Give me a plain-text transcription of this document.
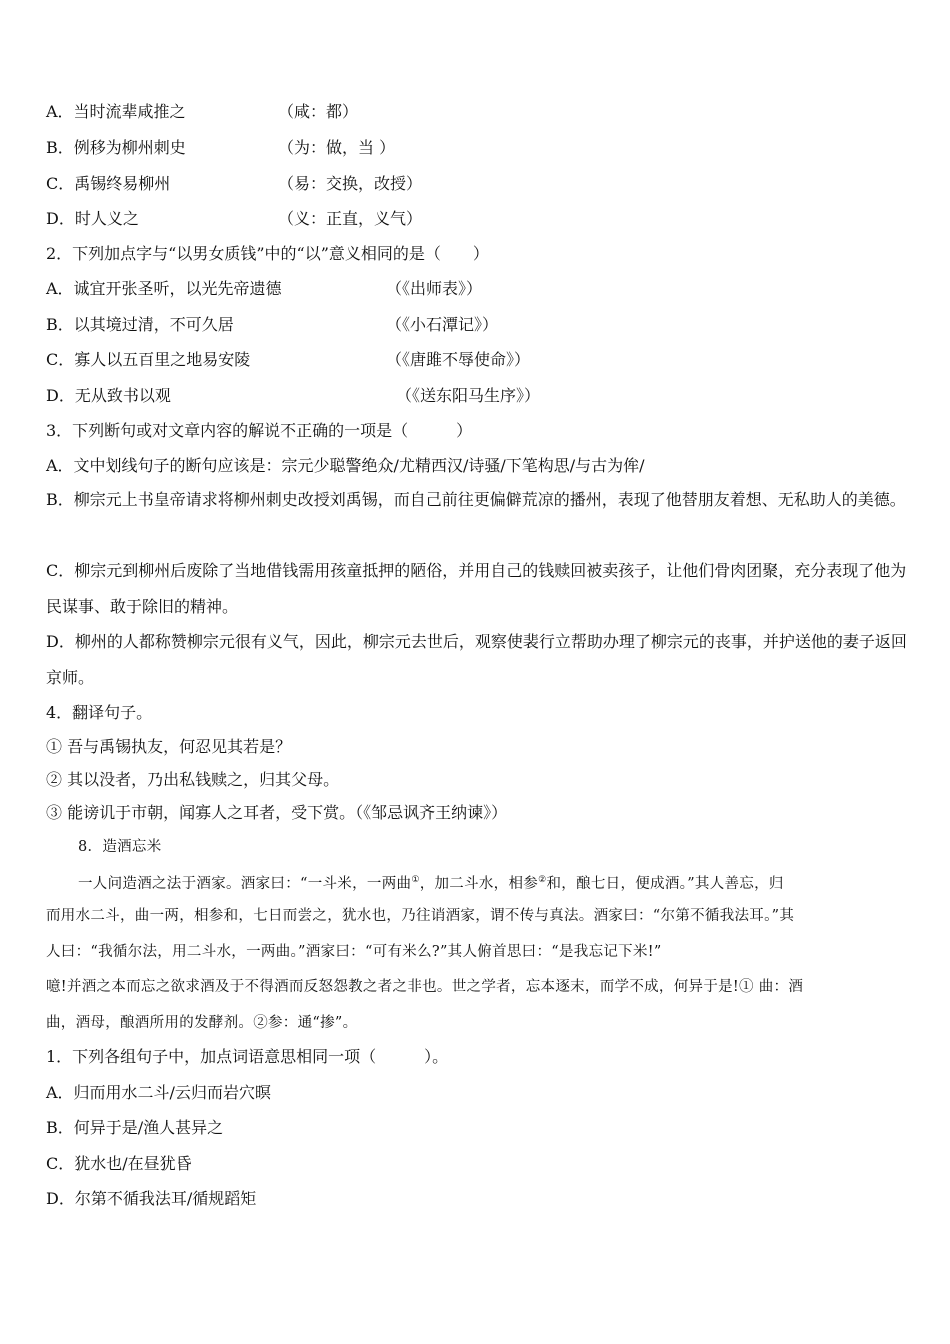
A．当时流辈咸推之	（咸：都）
B．例移为柳州刺史	（为：做，当 ）
C．禹锡终易柳州	（易：交换，改授）
D．时人义之	（义：正直，义气）
2．下列加点字与“以男女质钱”中的“以”意义相同的是（　　）
A．诚宜开张圣听，以光先帝遗德	（《出师表》）
B．以其境过清，不可久居	（《小石潭记》）
C．寡人以五百里之地易安陵	（《唐雎不辱使命》）
D．无从致书以观	（《送东阳马生序》）
3．下列断句或对文章内容的解说不正确的一项是（　　　）
A．文中划线句子的断句应该是：宗元少聪警绝众/尤精西汉/诗骚/下笔构思/与古为侔/
B．柳宗元上书皇帝请求将柳州刺史改授刘禹锡，而自己前往更偏僻荒凉的播州，表现了他替朋友着想、无私助人的美德。
C．柳宗元到柳州后废除了当地借钱需用孩童抵押的陋俗，并用自己的钱赎回被卖孩子，让他们骨肉团聚，充分表现了他为民谋事、敢于除旧的精神。
D．柳州的人都称赞柳宗元很有义气，因此，柳宗元去世后，观察使裴行立帮助办理了柳宗元的丧事，并护送他的妻子返回京师。
4．翻译句子。
① 吾与禹锡执友，何忍见其若是？
② 其以没者，乃出私钱赎之，归其父母。
③ 能谤讥于市朝，闻寡人之耳者，受下赏。（《邹忌讽齐王纳谏》）
8．造酒忘米
一人问造酒之法于酒家。酒家曰：“一斗米，一两曲①，加二斗水，相参②和，酿七日，便成酒。”其人善忘，归
而用水二斗，曲一两，相参和，七日而尝之，犹水也，乃往诮酒家，谓不传与真法。酒家曰：“尔第不循我法耳。”其
人曰：“我循尔法，用二斗水，一两曲。”酒家曰：“可有米么?”其人俯首思曰：“是我忘记下米!”
噫!并酒之本而忘之欲求酒及于不得酒而反怒怨教之者之非也。世之学者，忘本逐末，而学不成，何异于是!① 曲：酒
曲，酒母，酿酒所用的发酵剂。②参：通“掺”。
1．下列各组句子中，加点词语意思相同一项（　　　）。
A．归而用水二斗/云归而岩穴暝
B．何异于是/渔人甚异之
C．犹水也/在昼犹昏
D．尔第不循我法耳/循规蹈矩
